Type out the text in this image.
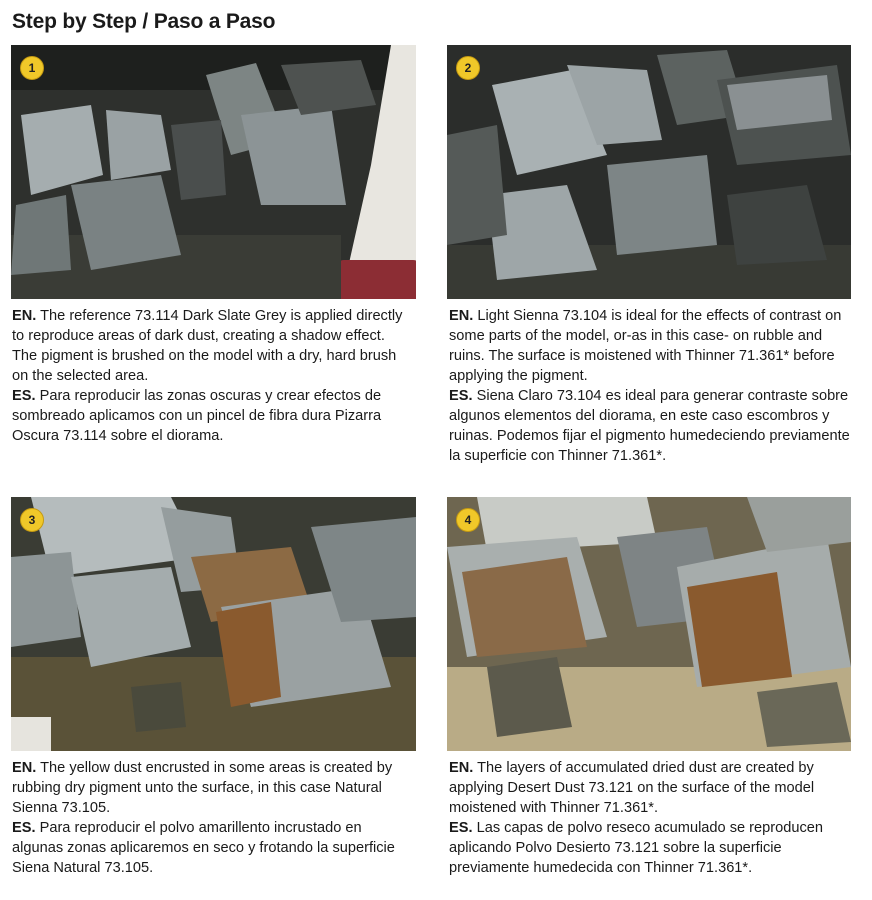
Step by Step / Paso a Paso
1

EN. The reference 73.114 Dark Slate Grey is applied directly to reproduce areas of dark dust, creating a shadow effect. The pigment is brushed on the model with a dry, hard brush on the selected area.

ES. Para reproducir las zonas oscuras y crear efectos de sombreado aplicamos con un pincel de fibra dura Pizarra Oscura 73.114 sobre el diorama.

2

EN. Light Sienna 73.104 is ideal for the effects of contrast on some parts of the model, or-as in this case- on rubble and ruins. The surface is moistened with Thinner 71.361* before applying the pigment.

ES. Siena Claro 73.104 es ideal para generar contraste sobre algunos elementos del diorama, en este caso escombros y ruinas. Podemos fijar el pigmento humedeciendo previamente la superficie con Thinner 71.361*.

3

EN. The yellow dust encrusted in some areas is created by rubbing dry pigment unto the surface, in this case Natural Sienna 73.105.

ES. Para reproducir el polvo amarillento incrustado en algunas zonas aplicaremos en seco y frotando la superficie Siena Natural 73.105.

4

EN. The layers of accumulated dried dust are created by applying Desert Dust 73.121 on the surface of the model moistened with Thinner 71.361*.

ES. Las capas de polvo reseco acumulado se reproducen aplicando Polvo Desierto 73.121 sobre la superficie previamente humedecida con Thinner 71.361*.
